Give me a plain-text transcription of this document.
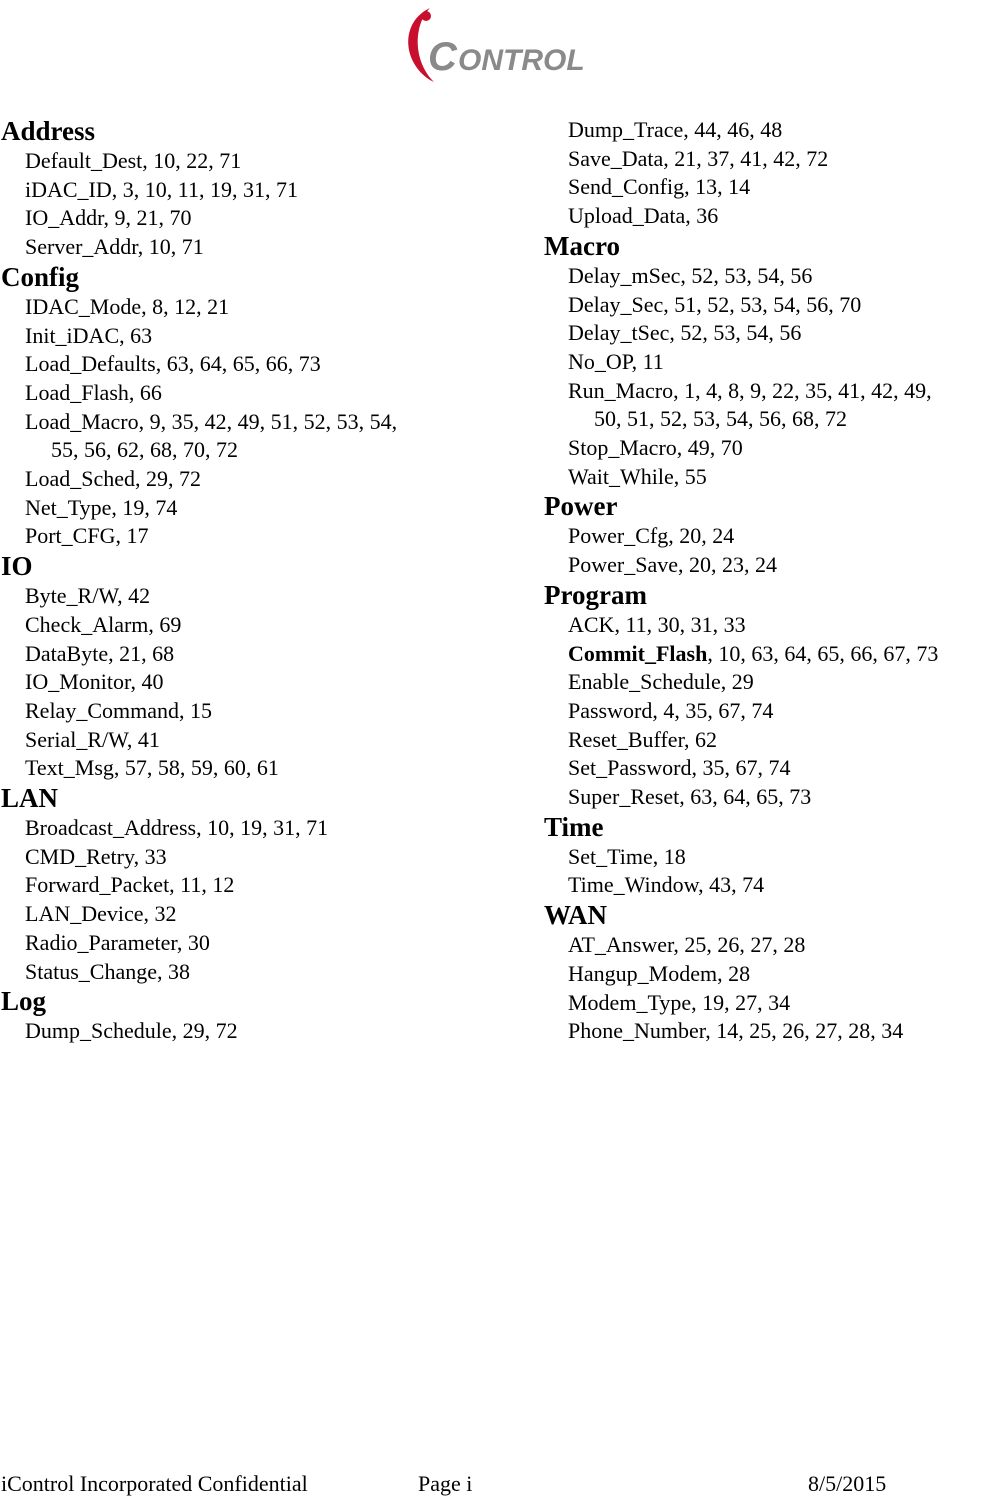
C ONTROL
Address
Default_Dest, 10, 22, 71
iDAC_ID, 3, 10, 11, 19, 31, 71
IO_Addr, 9, 21, 70
Server_Addr, 10, 71
Config
IDAC_Mode, 8, 12, 21
Init_iDAC, 63
Load_Defaults, 63, 64, 65, 66, 73
Load_Flash, 66
Load_Macro, 9, 35, 42, 49, 51, 52, 53, 54,
55, 56, 62, 68, 70, 72
Load_Sched, 29, 72
Net_Type, 19, 74
Port_CFG, 17
IO
Byte_R/W, 42
Check_Alarm, 69
DataByte, 21, 68
IO_Monitor, 40
Relay_Command, 15
Serial_R/W, 41
Text_Msg, 57, 58, 59, 60, 61
LAN
Broadcast_Address, 10, 19, 31, 71
CMD_Retry, 33
Forward_Packet, 11, 12
LAN_Device, 32
Radio_Parameter, 30
Status_Change, 38
Log
Dump_Schedule, 29, 72
Dump_Trace, 44, 46, 48
Save_Data, 21, 37, 41, 42, 72
Send_Config, 13, 14
Upload_Data, 36
Macro
Delay_mSec, 52, 53, 54, 56
Delay_Sec, 51, 52, 53, 54, 56, 70
Delay_tSec, 52, 53, 54, 56
No_OP, 11
Run_Macro, 1, 4, 8, 9, 22, 35, 41, 42, 49,
50, 51, 52, 53, 54, 56, 68, 72
Stop_Macro, 49, 70
Wait_While, 55
Power
Power_Cfg, 20, 24
Power_Save, 20, 23, 24
Program
ACK, 11, 30, 31, 33
Commit_Flash, 10, 63, 64, 65, 66, 67, 73
Enable_Schedule, 29
Password, 4, 35, 67, 74
Reset_Buffer, 62
Set_Password, 35, 67, 74
Super_Reset, 63, 64, 65, 73
Time
Set_Time, 18
Time_Window, 43, 74
WAN
AT_Answer, 25, 26, 27, 28
Hangup_Modem, 28
Modem_Type, 19, 27, 34
Phone_Number, 14, 25, 26, 27, 28, 34
iControl Incorporated Confidential	Page i	8/5/2015
